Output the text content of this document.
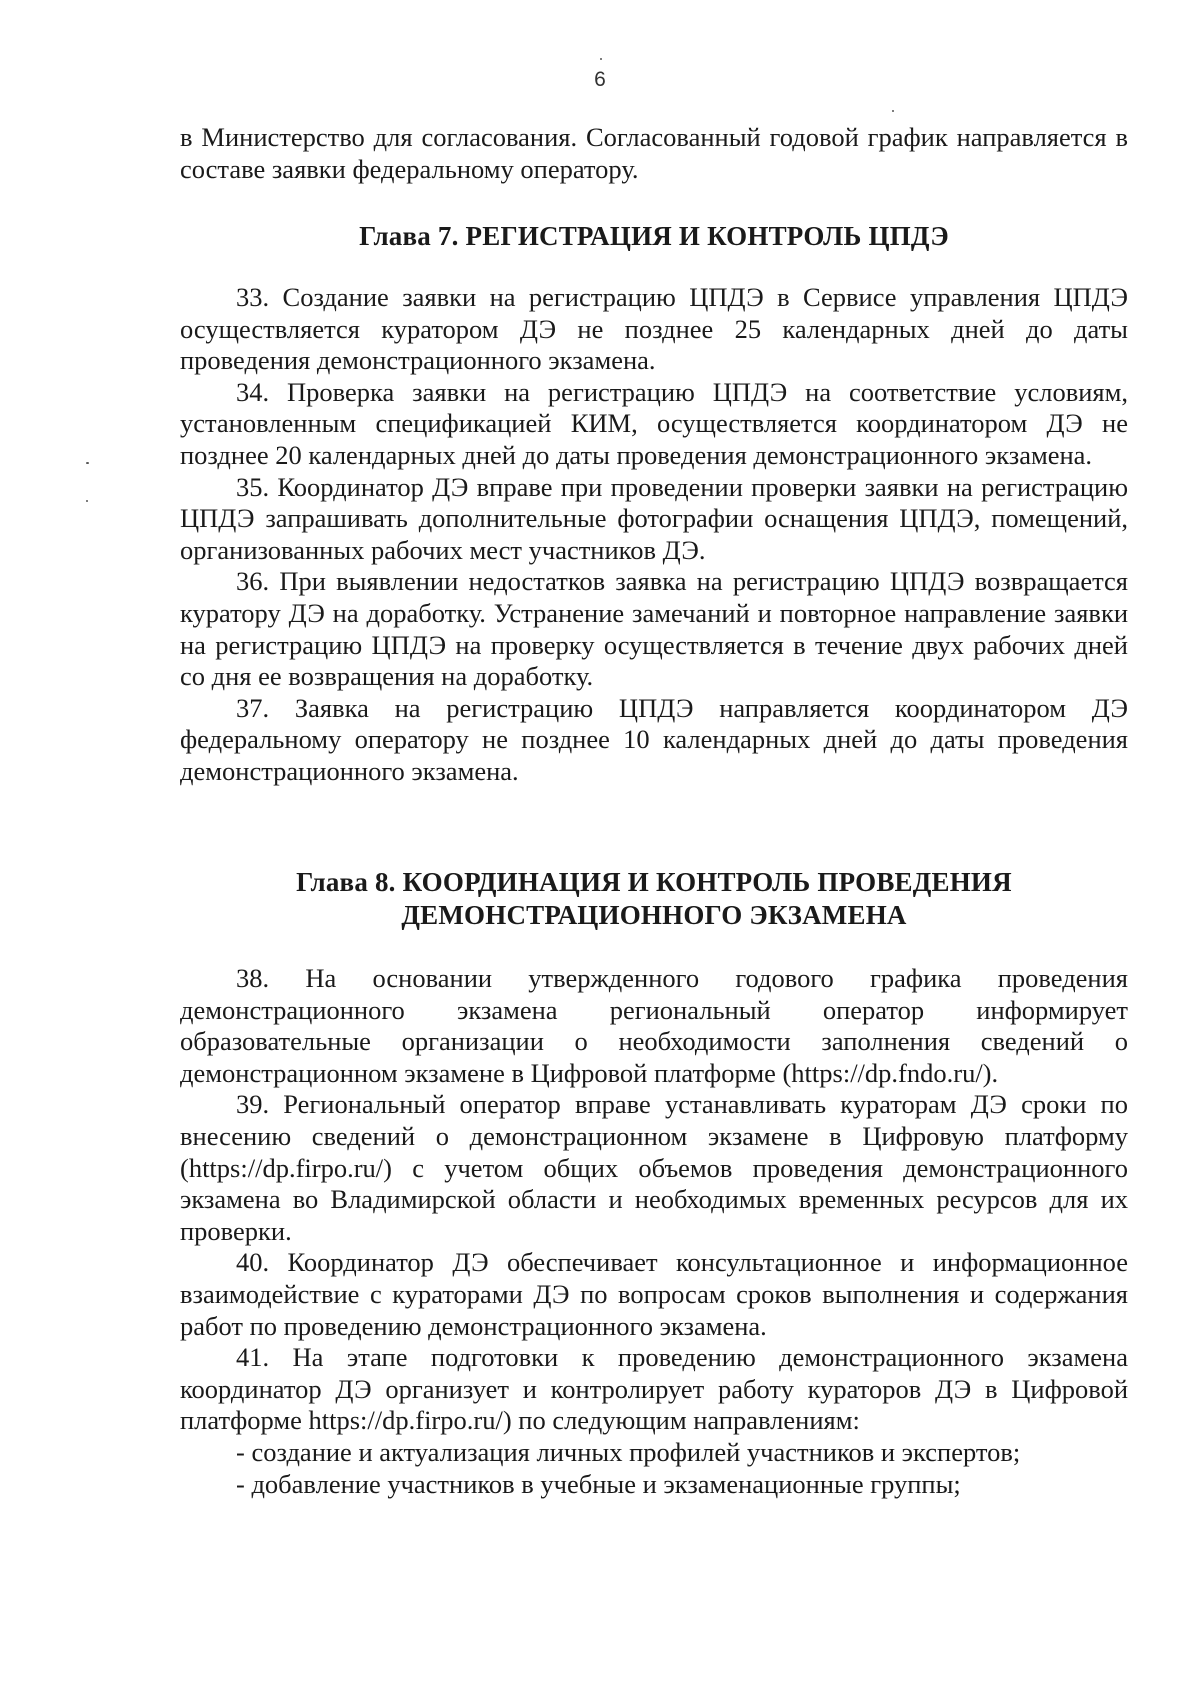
6

в Министерство для согласования. Согласованный годовой график направляется в составе заявки федеральному оператору.

Глава 7. РЕГИСТРАЦИЯ И КОНТРОЛЬ ЦПДЭ

33. Создание заявки на регистрацию ЦПДЭ в Сервисе управления ЦПДЭ осуществляется куратором ДЭ не позднее 25 календарных дней до даты проведения демонстрационного экзамена.

34. Проверка заявки на регистрацию ЦПДЭ на соответствие условиям, установленным спецификацией КИМ, осуществляется координатором ДЭ не позднее 20 календарных дней до даты проведения демонстрационного экзамена.

35. Координатор ДЭ вправе при проведении проверки заявки на регистрацию ЦПДЭ запрашивать дополнительные фотографии оснащения ЦПДЭ, помещений, организованных рабочих мест участников ДЭ.

36. При выявлении недостатков заявка на регистрацию ЦПДЭ возвращается куратору ДЭ на доработку. Устранение замечаний и повторное направление заявки на регистрацию ЦПДЭ на проверку осуществляется в течение двух рабочих дней со дня ее возвращения на доработку.

37. Заявка на регистрацию ЦПДЭ направляется координатором ДЭ федеральному оператору не позднее 10 календарных дней до даты проведения демонстрационного экзамена.

Глава 8. КООРДИНАЦИЯ И КОНТРОЛЬ ПРОВЕДЕНИЯ
ДЕМОНСТРАЦИОННОГО ЭКЗАМЕНА

38. На основании утвержденного годового графика проведения демонстрационного экзамена региональный оператор информирует образовательные организации о необходимости заполнения сведений о демонстрационном экзамене в Цифровой платформе (https://dp.fndo.ru/).

39. Региональный оператор вправе устанавливать кураторам ДЭ сроки по внесению сведений о демонстрационном экзамене в Цифровую платформу (https://dp.firpo.ru/) с учетом общих объемов проведения демонстрационного экзамена во Владимирской области и необходимых временных ресурсов для их проверки.

40. Координатор ДЭ обеспечивает консультационное и информационное взаимодействие с кураторами ДЭ по вопросам сроков выполнения и содержания работ по проведению демонстрационного экзамена.

41. На этапе подготовки к проведению демонстрационного экзамена координатор ДЭ организует и контролирует работу кураторов ДЭ в Цифровой платформе https://dp.firpo.ru/) по следующим направлениям:

- создание и актуализация личных профилей участников и экспертов;

- добавление участников в учебные и экзаменационные группы;
